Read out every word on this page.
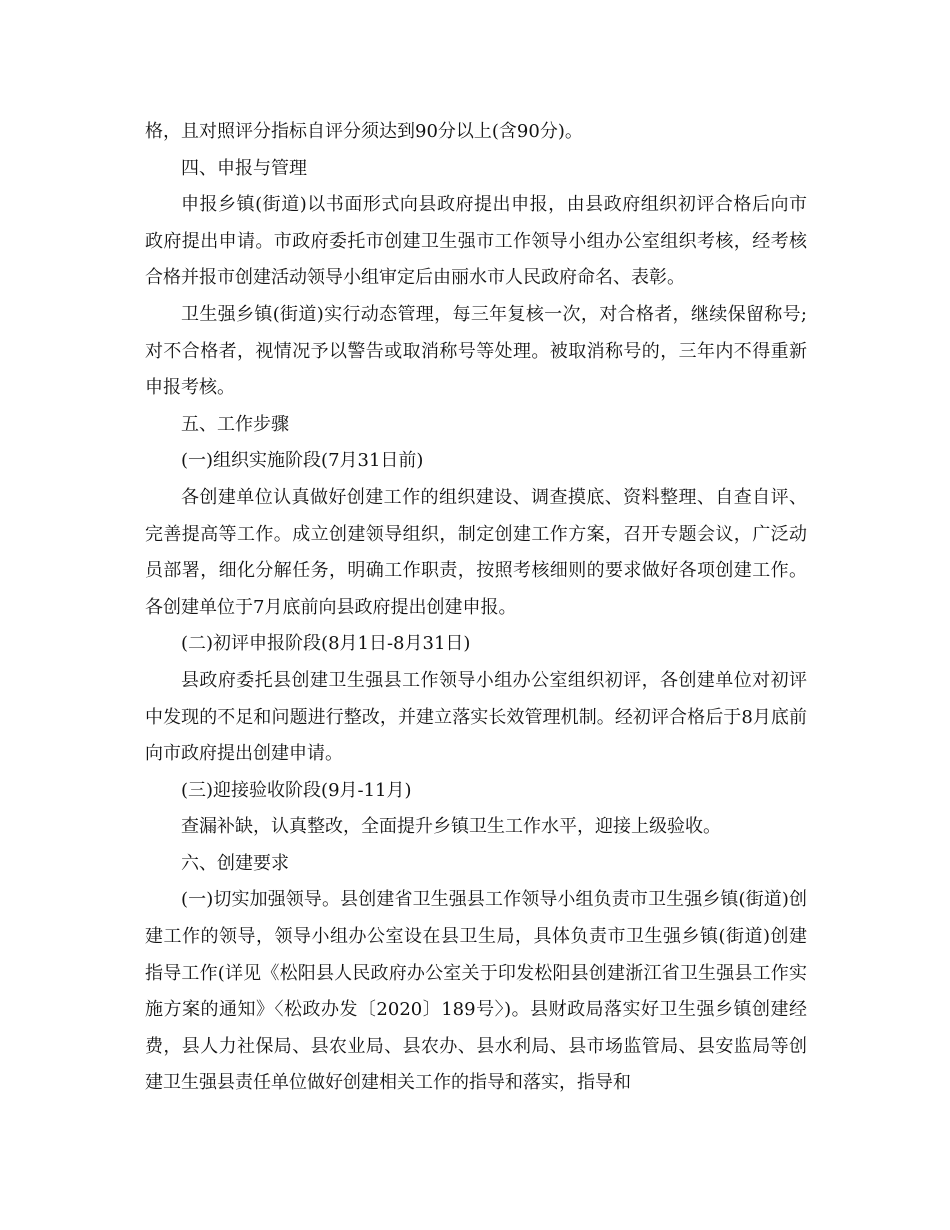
格，且对照评分指标自评分须达到90分以上(含90分)。

四、申报与管理

申报乡镇(街道)以书面形式向县政府提出申报，由县政府组织初评合格后向市政府提出申请。市政府委托市创建卫生强市工作领导小组办公室组织考核，经考核合格并报市创建活动领导小组审定后由丽水市人民政府命名、表彰。

卫生强乡镇(街道)实行动态管理，每三年复核一次，对合格者，继续保留称号;对不合格者，视情况予以警告或取消称号等处理。被取消称号的，三年内不得重新申报考核。

五、工作步骤

(一)组织实施阶段(7月31日前)

各创建单位认真做好创建工作的组织建设、调查摸底、资料整理、自查自评、完善提高等工作。成立创建领导组织，制定创建工作方案，召开专题会议，广泛动员部署，细化分解任务，明确工作职责，按照考核细则的要求做好各项创建工作。各创建单位于7月底前向县政府提出创建申报。

(二)初评申报阶段(8月1日-8月31日)

县政府委托县创建卫生强县工作领导小组办公室组织初评，各创建单位对初评中发现的不足和问题进行整改，并建立落实长效管理机制。经初评合格后于8月底前向市政府提出创建申请。

(三)迎接验收阶段(9月-11月)

查漏补缺，认真整改，全面提升乡镇卫生工作水平，迎接上级验收。

六、创建要求

(一)切实加强领导。县创建省卫生强县工作领导小组负责市卫生强乡镇(街道)创建工作的领导，领导小组办公室设在县卫生局，具体负责市卫生强乡镇(街道)创建指导工作(详见《松阳县人民政府办公室关于印发松阳县创建浙江省卫生强县工作实施方案的通知》〈松政办发〔2020〕189号〉)。县财政局落实好卫生强乡镇创建经费，县人力社保局、县农业局、县农办、县水利局、县市场监管局、县安监局等创建卫生强县责任单位做好创建相关工作的指导和落实，指导和
